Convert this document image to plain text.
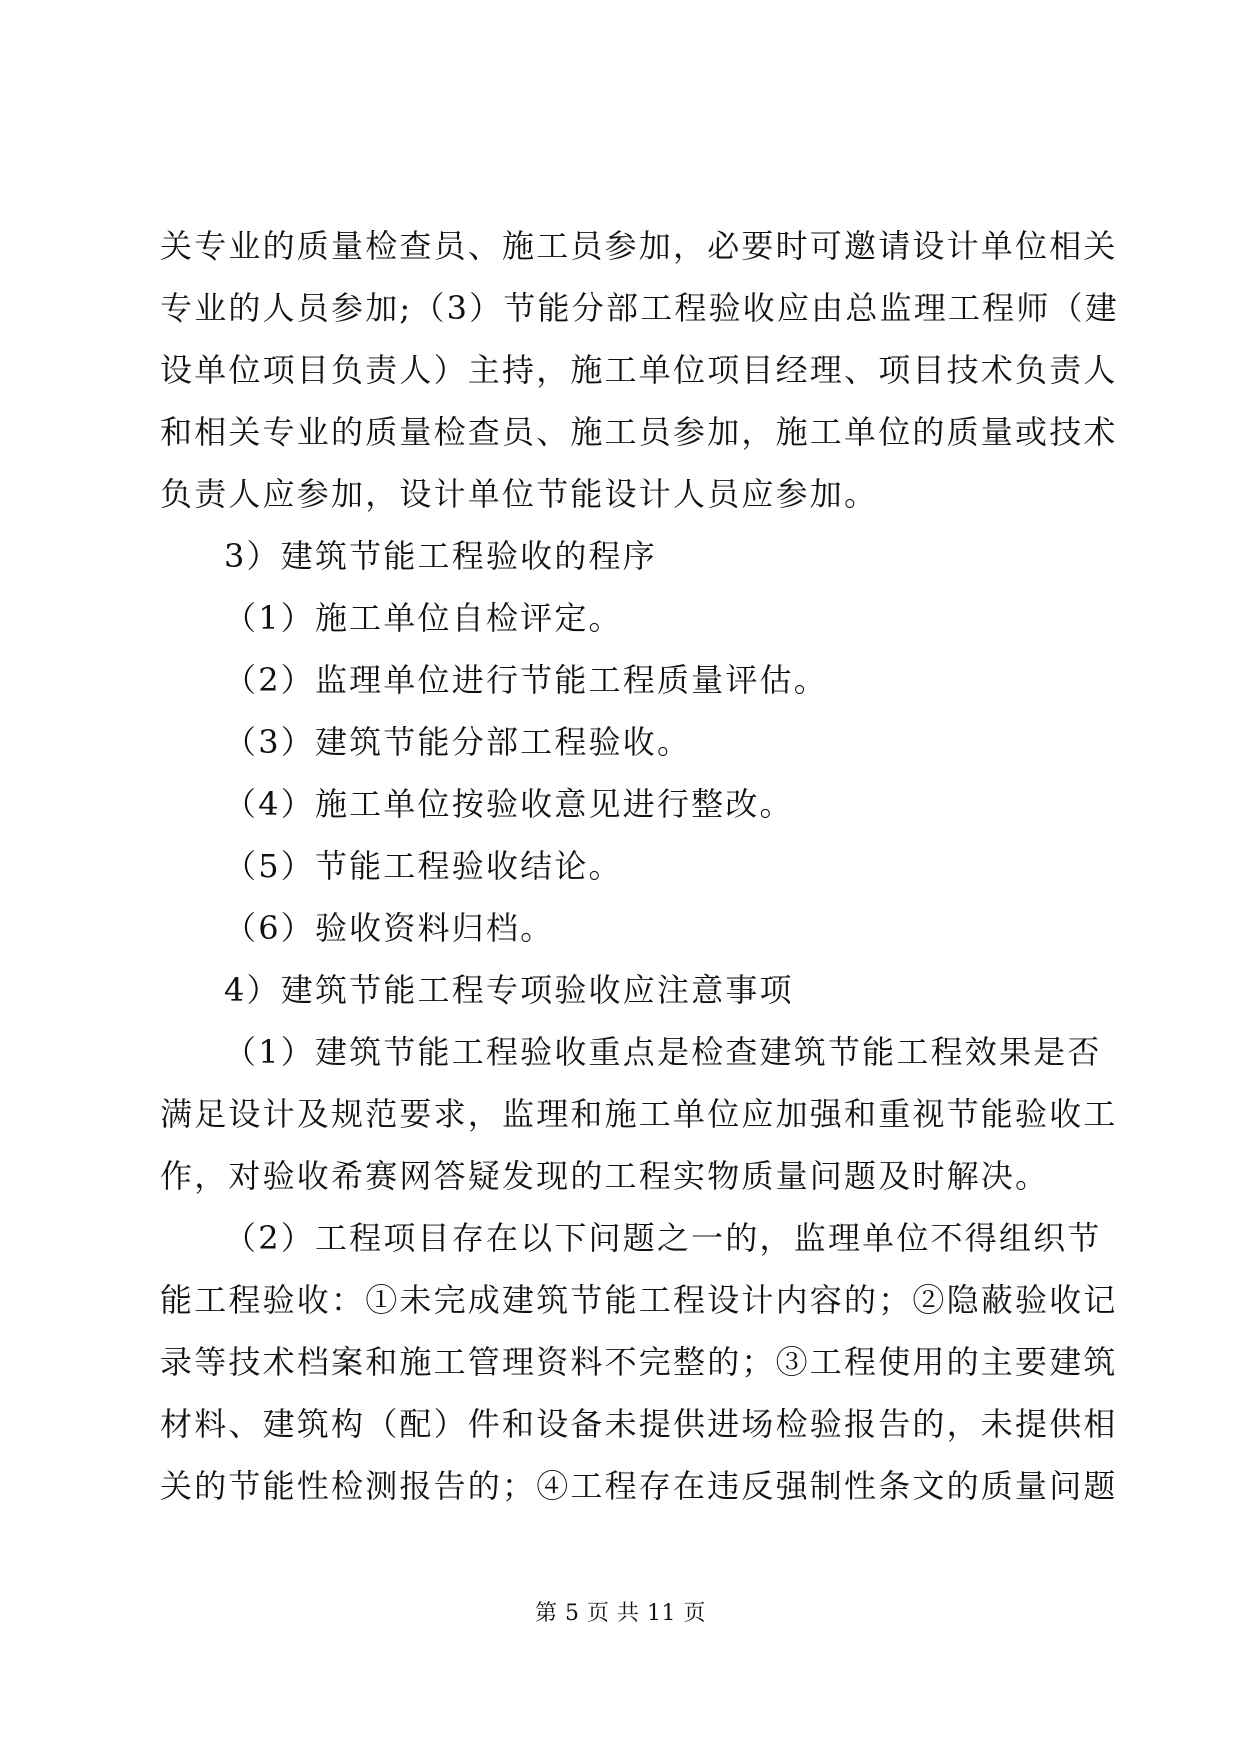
关专业的质量检查员、施工员参加，必要时可邀请设计单位相关
专业的人员参加;（3）节能分部工程验收应由总监理工程师（建
设单位项目负责人）主持，施工单位项目经理、项目技术负责人
和相关专业的质量检查员、施工员参加，施工单位的质量或技术
负责人应参加，设计单位节能设计人员应参加。
3）建筑节能工程验收的程序
（1）施工单位自检评定。
（2）监理单位进行节能工程质量评估。
（3）建筑节能分部工程验收。
（4）施工单位按验收意见进行整改。
（5）节能工程验收结论。
（6）验收资料归档。
4）建筑节能工程专项验收应注意事项
（1）建筑节能工程验收重点是检查建筑节能工程效果是否
满足设计及规范要求，监理和施工单位应加强和重视节能验收工
作，对验收希赛网答疑发现的工程实物质量问题及时解决。
（2）工程项目存在以下问题之一的，监理单位不得组织节
能工程验收：①未完成建筑节能工程设计内容的；②隐蔽验收记
录等技术档案和施工管理资料不完整的；③工程使用的主要建筑
材料、建筑构（配）件和设备未提供进场检验报告的，未提供相
关的节能性检测报告的；④工程存在违反强制性条文的质量问题
第 5 页 共 11 页
